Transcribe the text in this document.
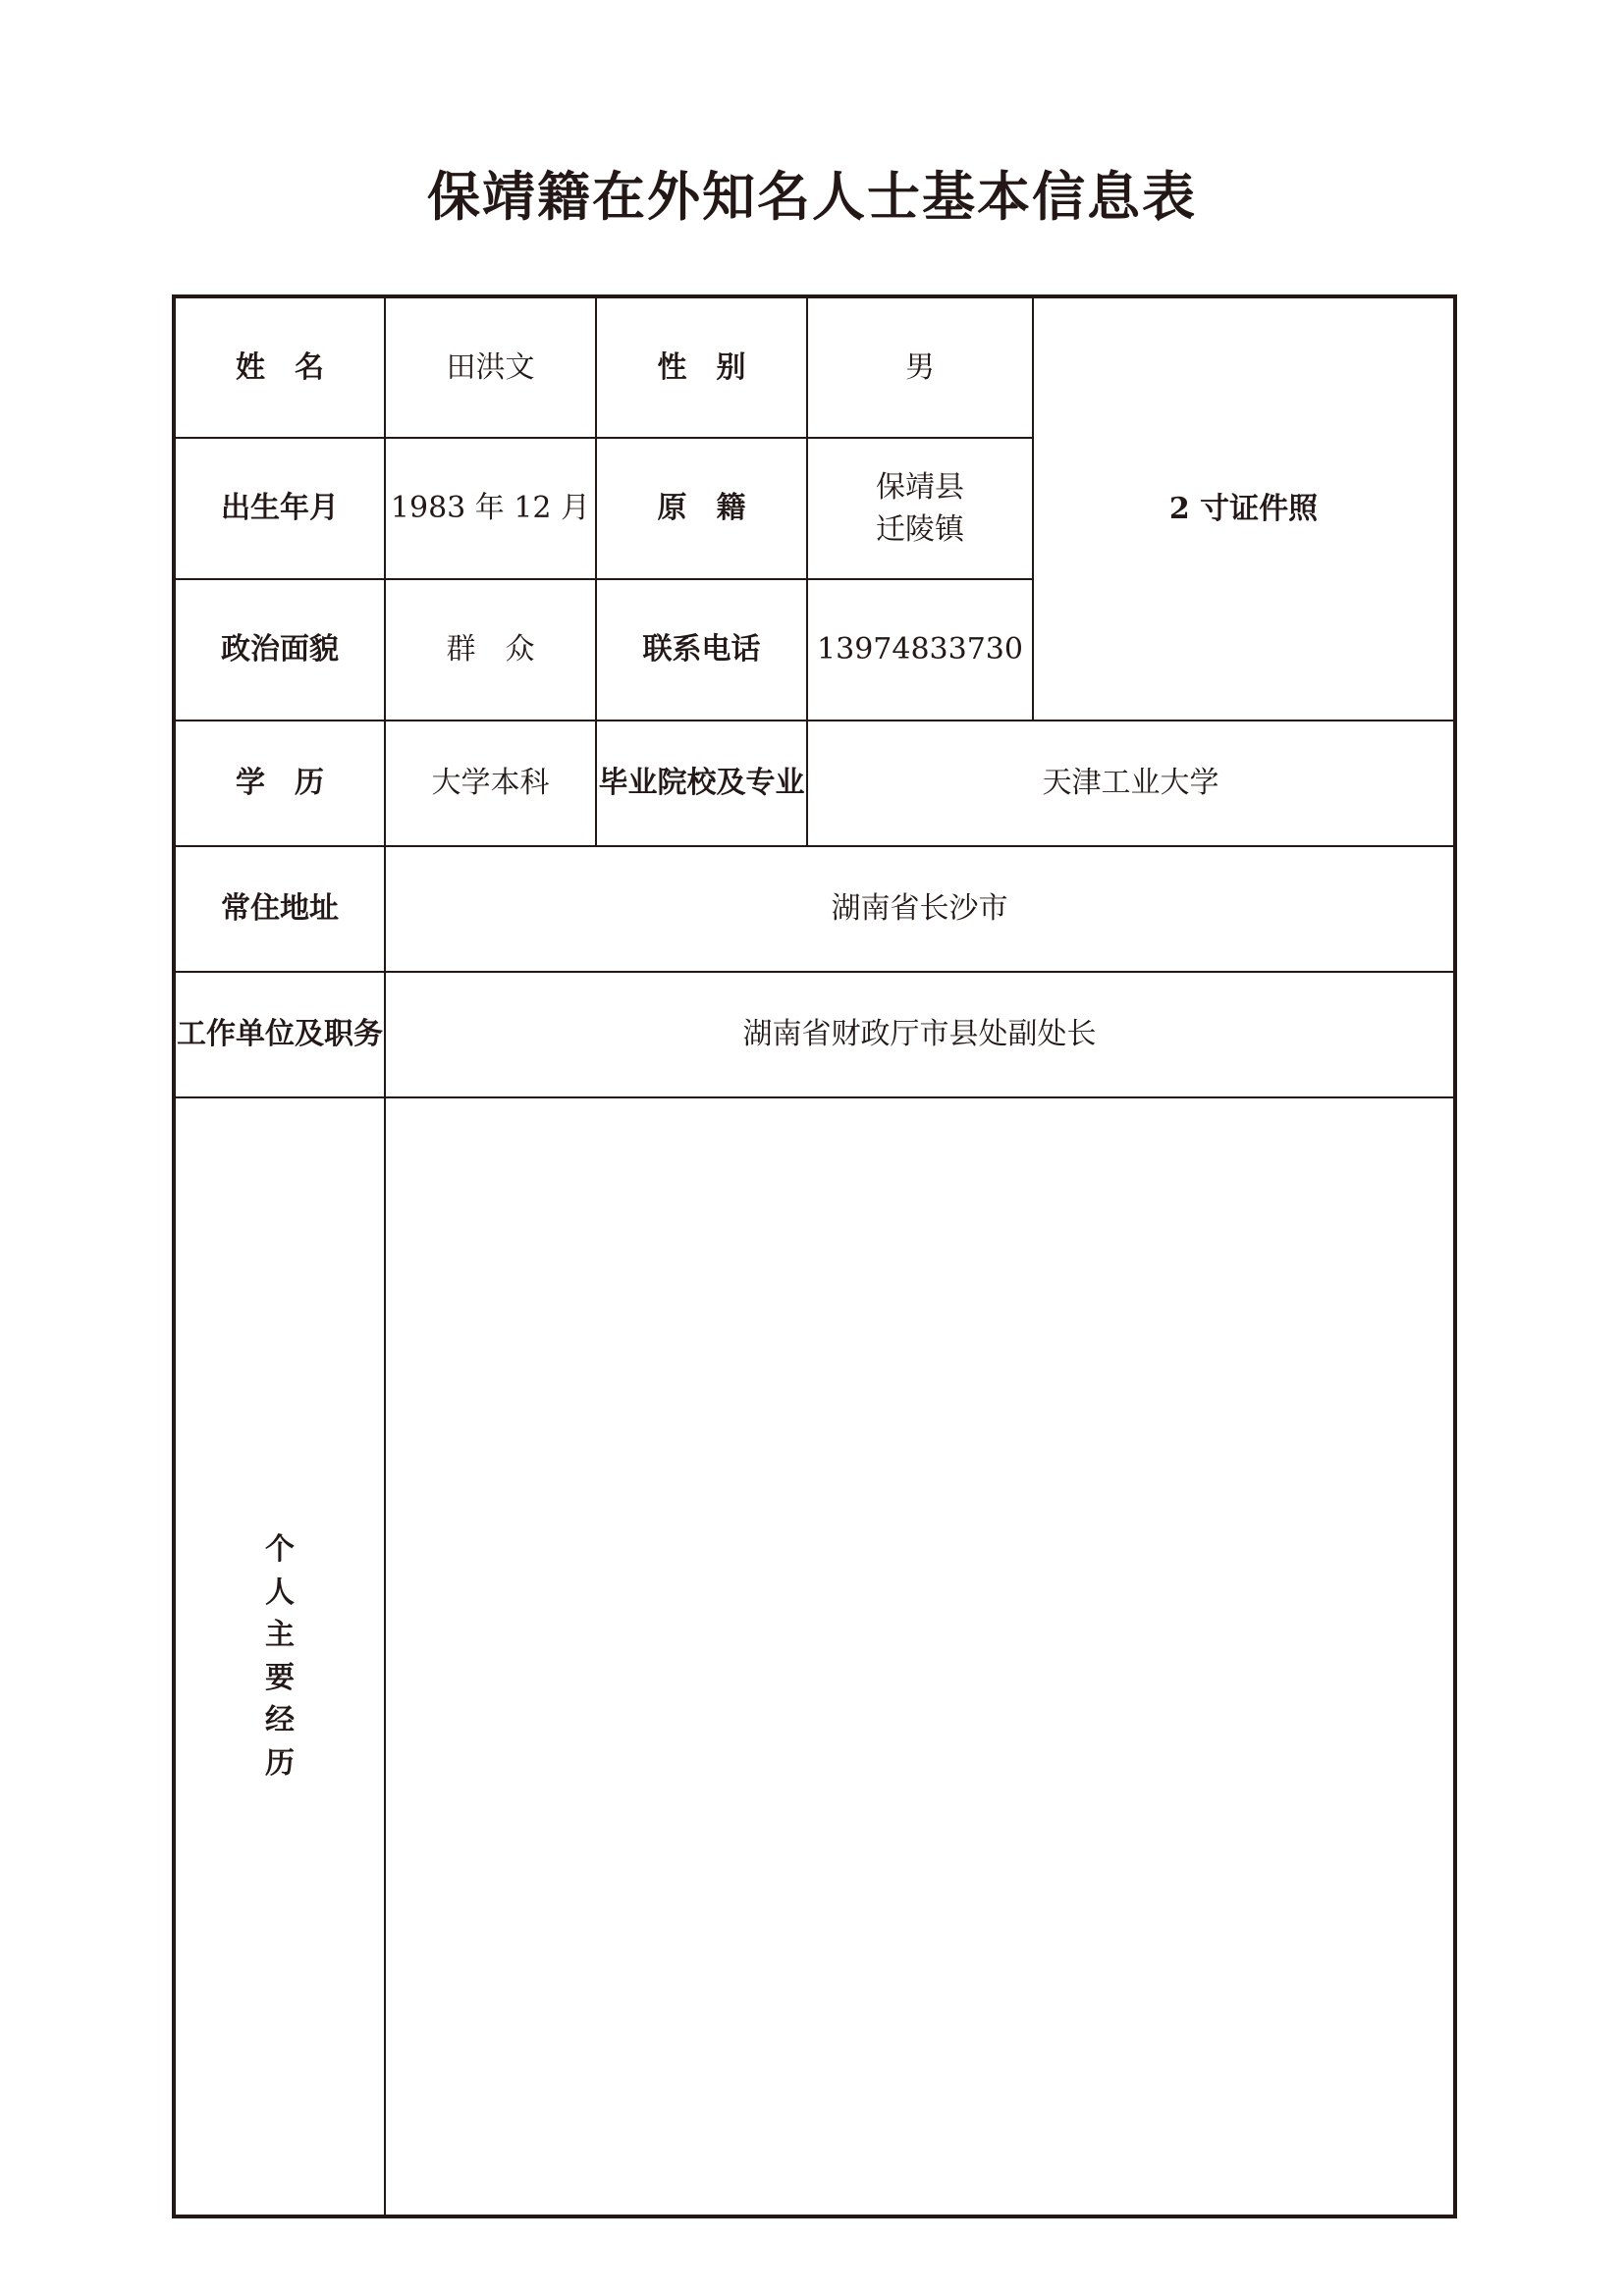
保靖籍在外知名人士基本信息表
姓 名	田洪文	性 别	男	2 寸证件照
出生年月	1983 年 12 月	原 籍	保靖县
迁陵镇	

政治面貌	群 众	联系电话	13974833730	
学 历	大学本科	毕业院校及专业	天津工业大学	
常住地址	湖南省长沙市			
工作单位及职务	湖南省财政厅市县处副处长			

个
人
主
要
经
历
